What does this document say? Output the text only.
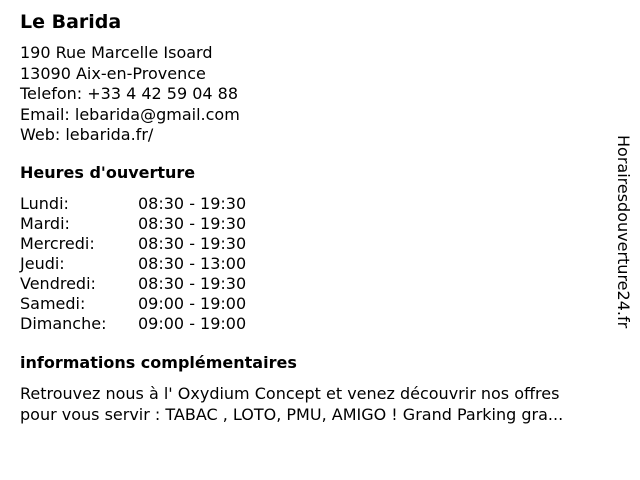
Le Barida
190 Rue Marcelle Isoard
13090 Aix-en-Provence
Telefon: +33 4 42 59 04 88
Email: lebarida@gmail.com
Web: lebarida.fr/
Heures d'ouverture
Lundi:	08:30 - 19:30
Mardi:	08:30 - 19:30
Mercredi:	08:30 - 19:30
Jeudi:	08:30 - 13:00
Vendredi:	08:30 - 19:30
Samedi:	09:00 - 19:00
Dimanche:	09:00 - 19:00
informations complémentaires
Retrouvez nous à l' Oxydium Concept et venez découvrir nos offres
pour vous servir : TABAC , LOTO, PMU, AMIGO ! Grand Parking gra...
Horairesdouverture24.fr
